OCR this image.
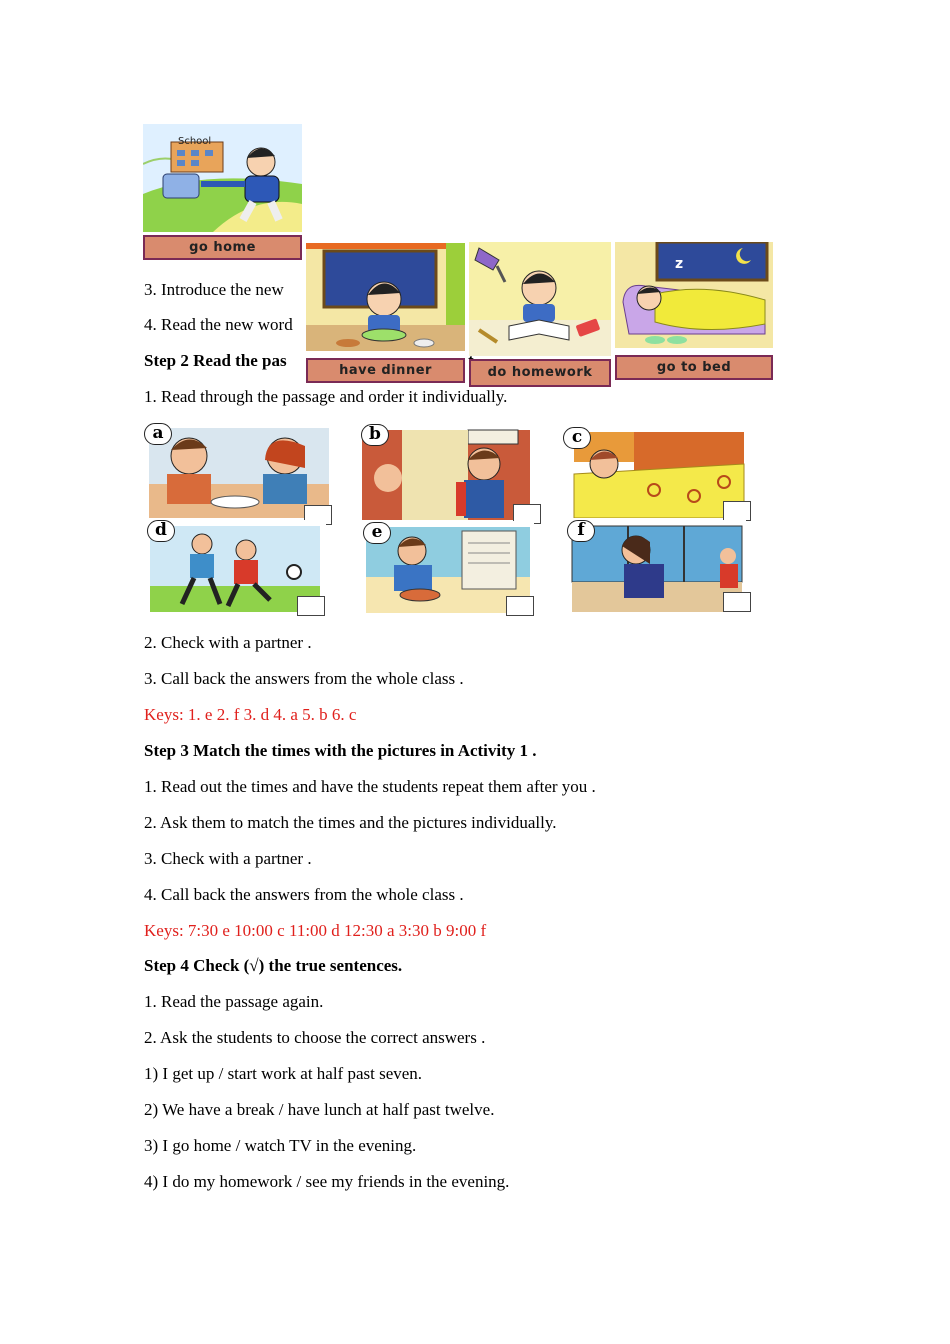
3. Introduce the new
4. Read the new word
Step 2 Read the pas
1. Read through the passage and order it individually.
2. Check with a partner .
3. Call back the answers from the whole class .
Keys: 1. e 2. f 3. d 4. a 5. b 6. c
Step 3 Match the times with the pictures in Activity 1 .
1. Read out the times and have the students repeat them after you .
2. Ask them to match the times and the pictures individually.
3. Check with a partner .
4. Call back the answers from the whole class .
Keys: 7:30 e 10:00 c 11:00 d 12:30 a 3:30 b 9:00 f
Step 4 Check (√) the true sentences.
1. Read the passage again.
2. Ask the students to choose the correct answers .
1) I get up / start work at half past seven.
2) We have a break / have lunch at half past twelve.
3) I go home / watch TV in the evening.
4) I do my homework / see my friends in the evening.
School
go home
have dinner	do homework
z
go to bed
a	b	c
d	e	f
